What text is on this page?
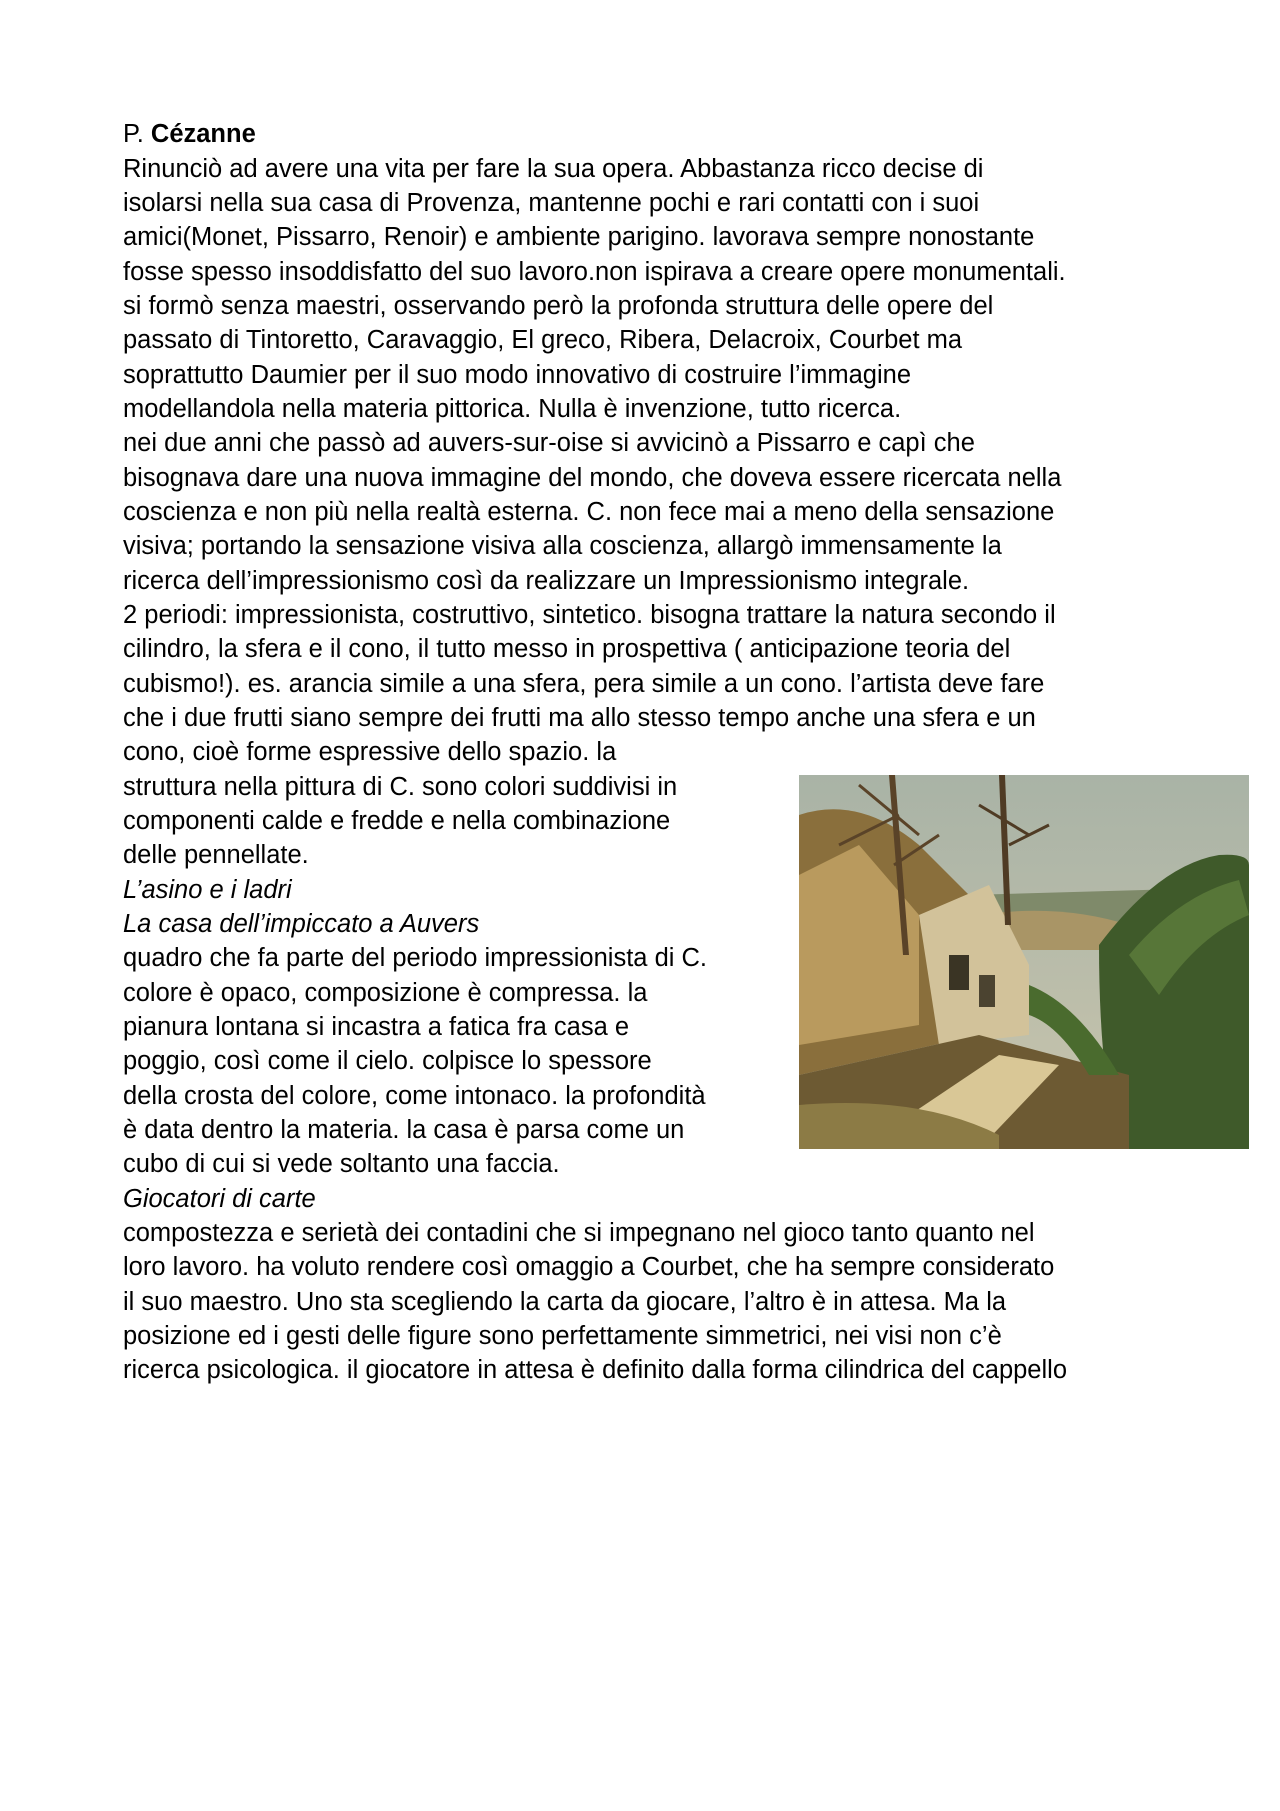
P. Cézanne

Rinunciò ad avere una vita per fare la sua opera. Abbastanza ricco decise di

isolarsi nella sua casa di Provenza, mantenne pochi e rari contatti con i suoi

amici(Monet, Pissarro, Renoir) e ambiente parigino. lavorava sempre nonostante

fosse spesso insoddisfatto del suo lavoro.non ispirava a creare opere monumentali.

si formò senza maestri, osservando però la profonda struttura delle opere del

passato di Tintoretto, Caravaggio, El greco, Ribera, Delacroix, Courbet ma

soprattutto Daumier per il suo modo innovativo di costruire l’immagine

modellandola nella materia pittorica. Nulla è invenzione, tutto ricerca.

nei due anni che passò ad auvers-sur-oise si avvicinò a Pissarro e capì che

bisognava dare una nuova immagine del mondo, che doveva essere ricercata nella

coscienza e non più nella realtà esterna. C. non fece mai a meno della sensazione

visiva; portando la sensazione visiva alla coscienza, allargò immensamente la

ricerca dell’impressionismo così da realizzare un Impressionismo integrale.

2 periodi: impressionista, costruttivo, sintetico. bisogna trattare la natura secondo il

cilindro, la sfera e il cono, il tutto messo in prospettiva ( anticipazione teoria del

cubismo!). es. arancia simile a una sfera, pera simile a un cono. l’artista deve fare

che i due frutti siano sempre dei frutti ma allo stesso tempo anche una sfera e un

cono, cioè forme espressive dello spazio. la

struttura nella pittura di C. sono colori suddivisi in

componenti calde e fredde e nella combinazione

delle pennellate.

L’asino e i ladri

La casa dell’impiccato a Auvers

quadro che fa parte del periodo impressionista di C.

colore è opaco, composizione è compressa. la

pianura lontana si incastra a fatica fra casa e

poggio, così come il cielo. colpisce lo spessore

della crosta del colore, come intonaco. la profondità

è data dentro la materia. la casa è parsa come un

cubo di cui si vede soltanto una faccia.

Giocatori di carte

compostezza e serietà dei contadini che si impegnano nel gioco tanto quanto nel

loro lavoro. ha voluto rendere così omaggio a Courbet, che ha sempre considerato

il suo maestro. Uno sta scegliendo la carta da giocare, l’altro è in attesa. Ma la

posizione ed i gesti delle figure sono perfettamente simmetrici, nei visi non c’è

ricerca psicologica. il giocatore in attesa è definito dalla forma cilindrica del cappello
